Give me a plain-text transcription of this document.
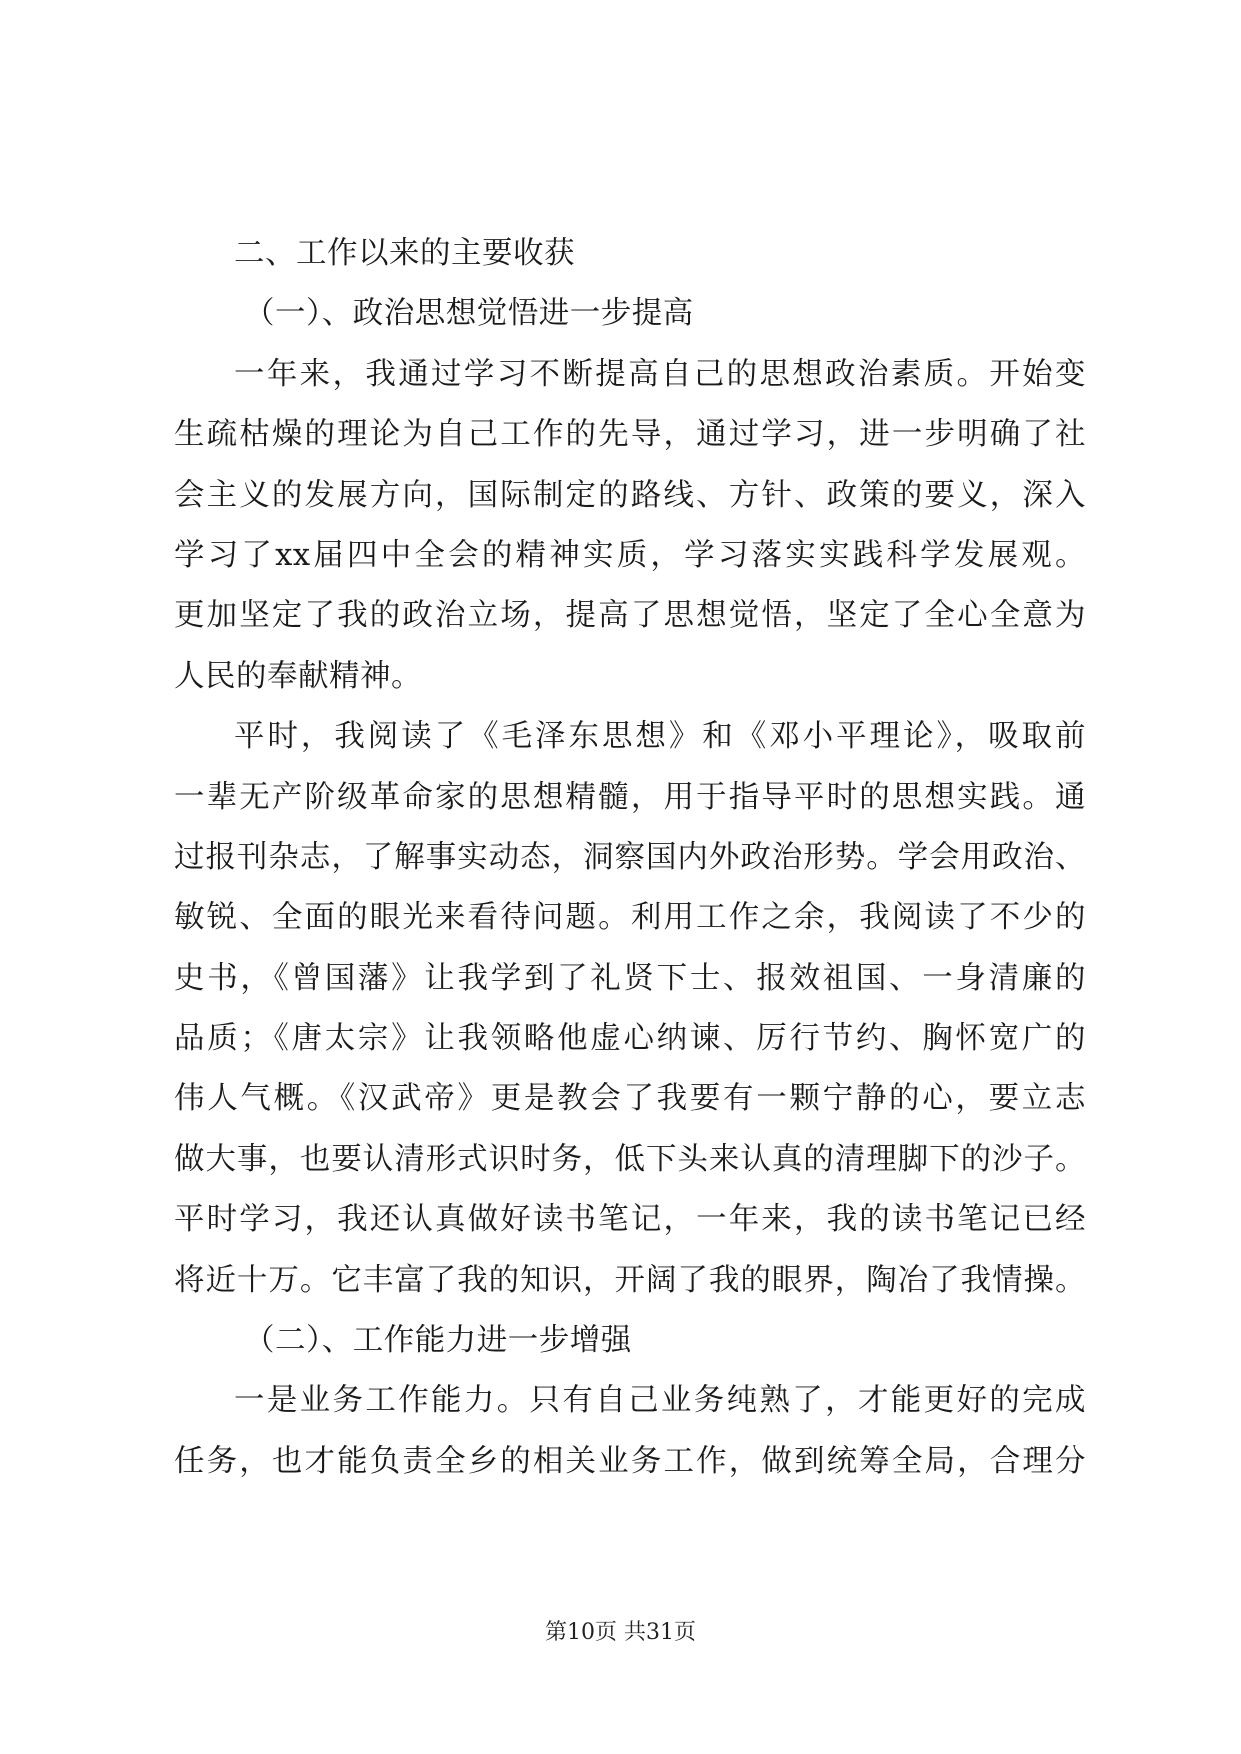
二、工作以来的主要收获
（一）、政治思想觉悟进一步提高
一年来，我通过学习不断提高自己的思想政治素质。开始变
生疏枯燥的理论为自己工作的先导，通过学习，进一步明确了社
会主义的发展方向，国际制定的路线、方针、政策的要义，深入
学习了xx届四中全会的精神实质，学习落实实践科学发展观。
更加坚定了我的政治立场，提高了思想觉悟，坚定了全心全意为
人民的奉献精神。
平时，我阅读了《毛泽东思想》和《邓小平理论》，吸取前
一辈无产阶级革命家的思想精髓，用于指导平时的思想实践。通
过报刊杂志，了解事实动态，洞察国内外政治形势。学会用政治、
敏锐、全面的眼光来看待问题。利用工作之余，我阅读了不少的
史书，《曾国藩》让我学到了礼贤下士、报效祖国、一身清廉的
品质；《唐太宗》让我领略他虚心纳谏、厉行节约、胸怀宽广的
伟人气概。《汉武帝》更是教会了我要有一颗宁静的心，要立志
做大事，也要认清形式识时务，低下头来认真的清理脚下的沙子。
平时学习，我还认真做好读书笔记，一年来，我的读书笔记已经
将近十万。它丰富了我的知识，开阔了我的眼界，陶冶了我情操。
（二）、工作能力进一步增强
一是业务工作能力。只有自己业务纯熟了，才能更好的完成
任务，也才能负责全乡的相关业务工作，做到统筹全局，合理分
第10页 共31页
